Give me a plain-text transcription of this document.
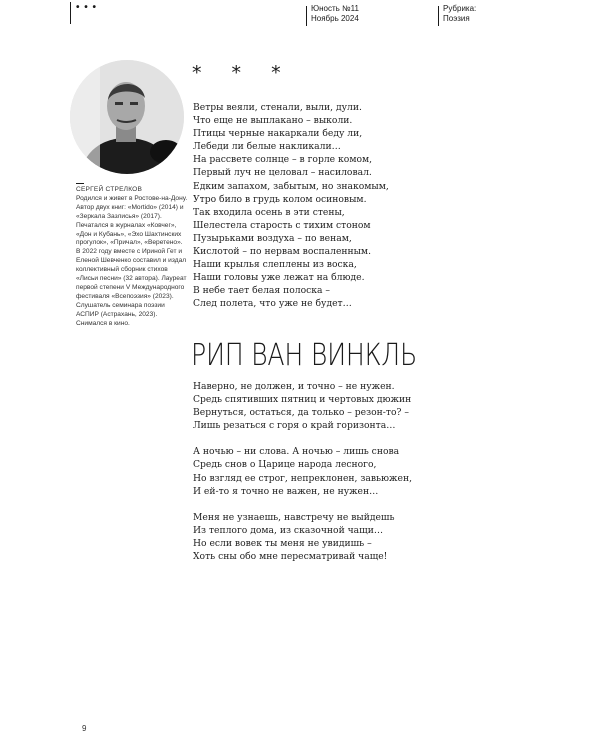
• • •	Юность №11
Ноябрь 2024
Рубрика:
Поэзия
СЕРГЕЙ СТРЕЛКОВ
Родился и живет в Ростове-на-Дону. Автор двух книг: «Mortido» (2014) и «Зеркала Зазлисья» (2017). Печатался в журналах «Ковчег», «Дон и Кубань», «Эхо Шахтинских прогулок», «Причал», «Веретено». В 2022 году вместе с Ириной Гет и Еленой Шевченко составил и издал коллективный сборник стихов «Лисьи песни» (32 автора). Лауреат первой степени V Международного фестиваля «Всепоэзия» (2023). Слушатель семинара поэзии АСПИР (Астрахань, 2023). Снимался в кино.
* * *
Ветры веяли, стенали, выли, дули.
Что еще не выплакано – выколи.
Птицы черные накаркали беду ли,
Лебеди ли белые накликали…
На рассвете солнце – в горле комом,
Первый луч не целовал – насиловал.
Едким запахом, забытым, но знакомым,
Утро било в грудь колом осиновым.
Так входила осень в эти стены,
Шелестела старость с тихим стоном
Пузырьками воздуха – по венам,
Кислотой – по нервам воспаленным.
Наши крылья слеплены из воска,
Наши головы уже лежат на блюде.
В небе тает белая полоска –
След полета, что уже не будет…
РИП ВАН ВИНКЛЬ
Наверно, не должен, и точно – не нужен.
Средь спятивших пятниц и чертовых дюжин
Вернуться, остаться, да только – резон-то? –
Лишь резаться с горя о край горизонта…
А ночью – ни слова. А ночью – лишь снова
Средь снов о Царице народа лесного,
Но взгляд ее строг, непреклонен, завьюжен,
И ей-то я точно не важен, не нужен…
Меня не узнаешь, навстречу не выйдешь
Из теплого дома, из сказочной чащи…
Но если вовек ты меня не увидишь –
Хоть сны обо мне пересматривай чаще!
9
